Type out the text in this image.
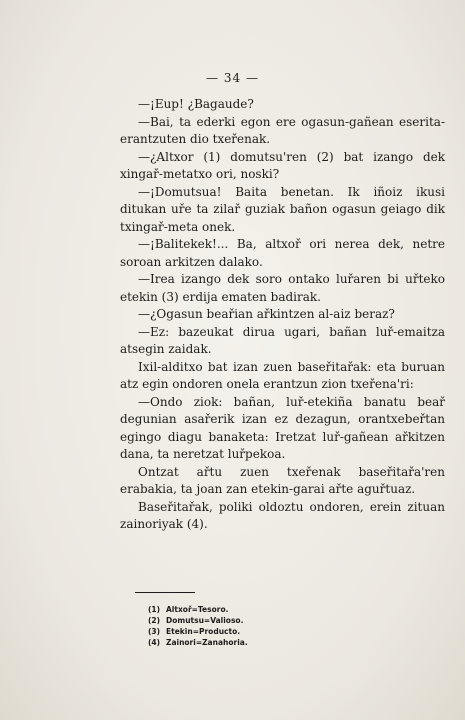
— 34 —

—¡Eup! ¿Bagaude?

—Bai, ta ederki egon ere ogasun-gañean eserita-erantzuten dio txeřenak.

—¿Altxor (1) domutsu'ren (2) bat izango dek xingař-metatxo ori, noski?

—¡Domutsua! Baita benetan. Ik iñoiz ikusi ditukan uře ta zilař guziak bañon ogasun geiago dik txingař-meta onek.

—¡Balitekek!... Ba, altxoř ori nerea dek, netre soroan arkitzen dalako.

—Irea izango dek soro ontako luřaren bi uřteko etekin (3) erdija ematen badirak.

—¿Ogasun beařian ařkintzen al-aiz beraz?

—Ez: bazeukat dirua ugari, bañan luř-emaitza atsegin zaidak.

Ixil-alditxo bat izan zuen baseřitařak: eta buruan atz egin ondoren onela erantzun zion txeřena'ri:

—Ondo ziok: bañan, luř-etekiña banatu beař degunian asařerik izan ez dezagun, orantxebeřtan egingo diagu banaketa: Iretzat luř-gañean ařkitzen dana, ta neretzat luřpekoa.

Ontzat ařtu zuen txeřenak baseřitařa'ren erabakia, ta joan zan etekin-garai ařte aguřtuaz.

Baseřitařak, poliki oldoztu ondoren, erein zituan zainoriyak (4).

(1) Altxoř=Tesoro.
(2) Domutsu=Valioso.
(3) Etekin=Producto.
(4) Zainori=Zanahoria.
